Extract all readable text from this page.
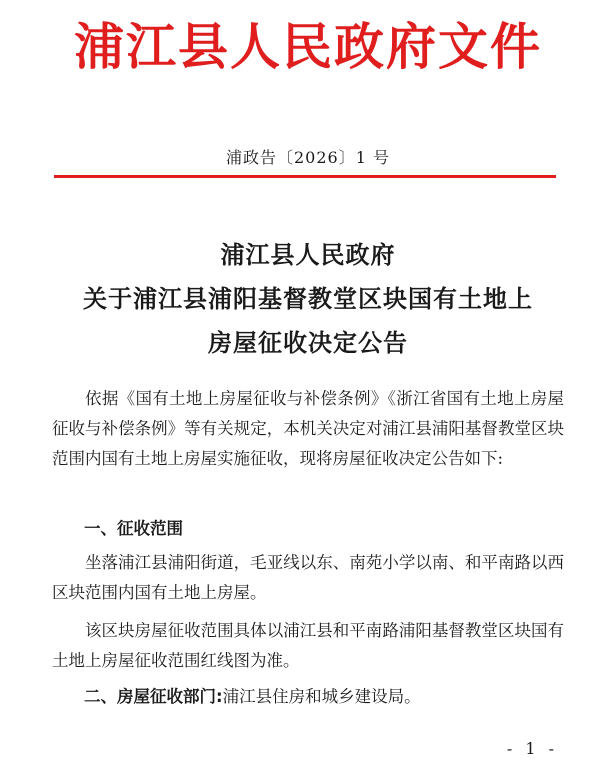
浦江县人民政府文件
浦政告〔2026〕1 号
浦江县人民政府
关于浦江县浦阳基督教堂区块国有土地上
房屋征收决定公告
依据《国有土地上房屋征收与补偿条例》《浙江省国有土地上房屋征收与补偿条例》等有关规定，本机关决定对浦江县浦阳基督教堂区块范围内国有土地上房屋实施征收，现将房屋征收决定公告如下:
一、征收范围
坐落浦江县浦阳街道，毛亚线以东、南苑小学以南、和平南路以西区块范围内国有土地上房屋。
该区块房屋征收范围具体以浦江县和平南路浦阳基督教堂区块国有土地上房屋征收范围红线图为准。
二、房屋征收部门:浦江县住房和城乡建设局。
- 1 -
